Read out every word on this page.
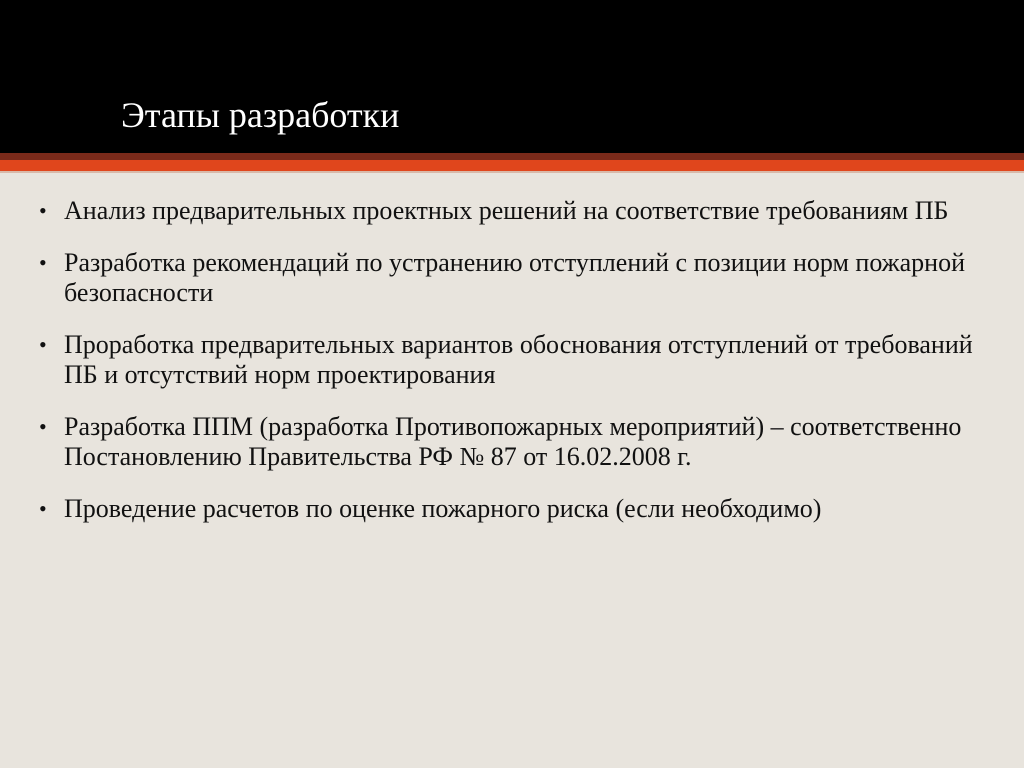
Этапы разработки
• Анализ предварительных проектных решений на соответствие требованиям ПБ
• Разработка рекомендаций по устранению отступлений с позиции норм пожарной безопасности
• Проработка предварительных вариантов обоснования отступлений от требований ПБ и отсутствий норм проектирования
• Разработка ППМ (разработка Противопожарных мероприятий) – соответственно Постановлению Правительства РФ № 87 от 16.02.2008 г.
• Проведение расчетов по оценке пожарного риска (если необходимо)
